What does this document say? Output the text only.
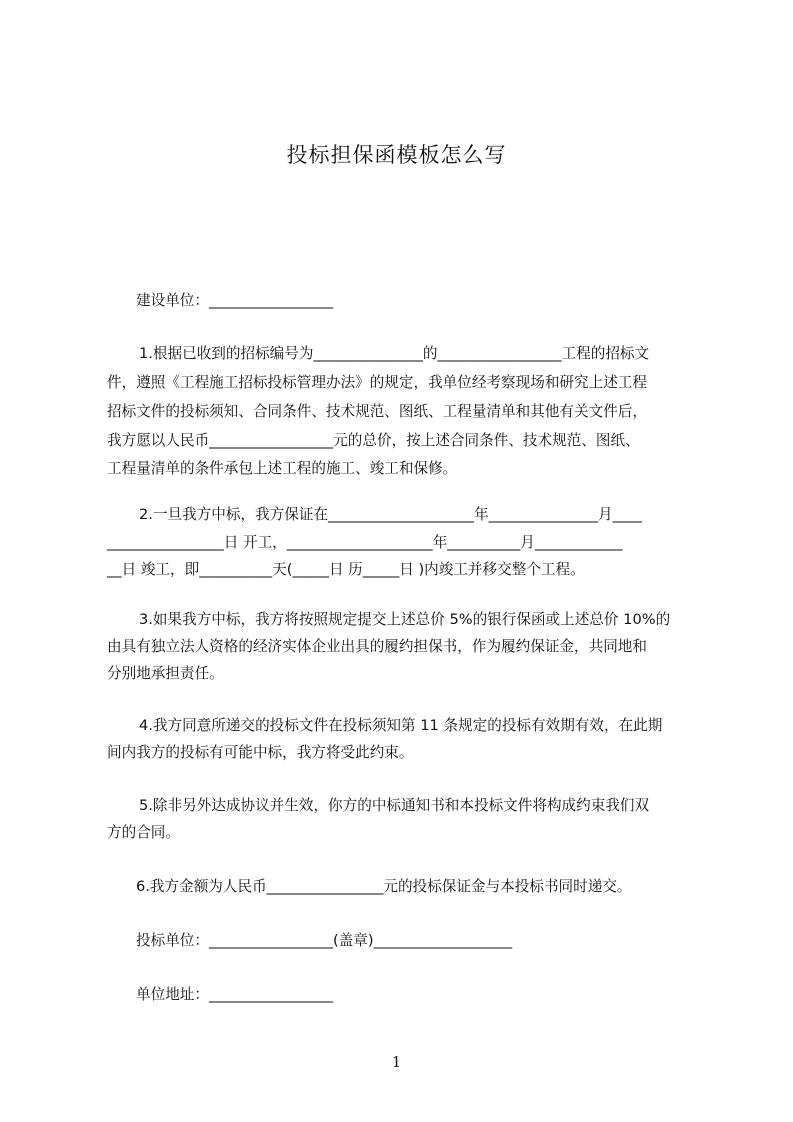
投标担保函模板怎么写
建设单位：_________________
1.根据已收到的招标编号为_______________的_________________工程的招标文
件，遵照《工程施工招标投标管理办法》的规定，我单位经考察现场和研究上述工程
招标文件的投标须知、合同条件、技术规范、图纸、工程量清单和其他有关文件后，
我方愿以人民币_________________元的总价，按上述合同条件、技术规范、图纸、
工程量清单的条件承包上述工程的施工、竣工和保修。
2.一旦我方中标，我方保证在____________________年_______________月____
________________日 开工，____________________年__________月____________
__日 竣工，即__________天(_____日 历_____日 )内竣工并移交整个工程。
3.如果我方中标，我方将按照规定提交上述总价 5%的银行保函或上述总价 10%的
由具有独立法人资格的经济实体企业出具的履约担保书，作为履约保证金，共同地和
分别地承担责任。
4.我方同意所递交的投标文件在投标须知第 11 条规定的投标有效期有效，在此期
间内我方的投标有可能中标，我方将受此约束。
5.除非另外达成协议并生效，你方的中标通知书和本投标文件将构成约束我们双
方的合同。
6.我方金额为人民币________________元的投标保证金与本投标书同时递交。
投标单位：_________________(盖章)___________________
单位地址：_________________
1
